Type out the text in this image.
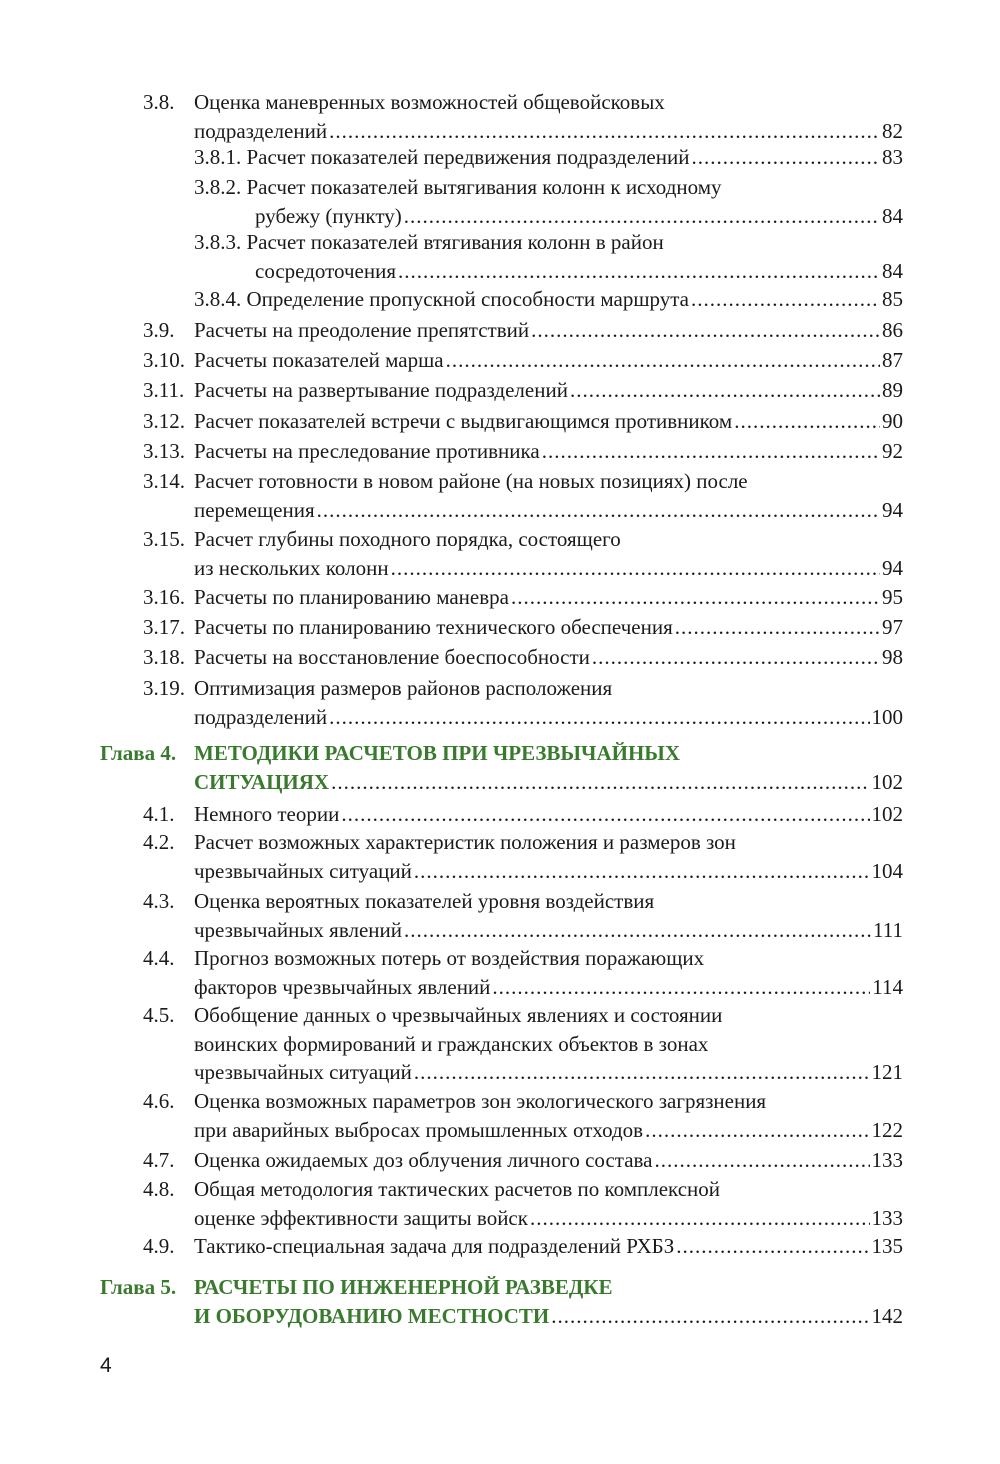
3.8. Оценка маневренных возможностей общевойсковых
подразделений .....	82
3.8.1. Расчет показателей передвижения подразделений .....	83
3.8.2. Расчет показателей вытягивания колонн к исходному
рубежу (пункту) .....	84
3.8.3. Расчет показателей втягивания колонн в район
сосредоточения .....	84
3.8.4. Определение пропускной способности маршрута .....	85
3.9. Расчеты на преодоление препятствий .....	86
3.10. Расчеты показателей марша .....	87
3.11. Расчеты на развертывание подразделений .....	89
3.12. Расчет показателей встречи с выдвигающимся противником .....	90
3.13. Расчеты на преследование противника .....	92
3.14. Расчет готовности в новом районе (на новых позициях) после
перемещения .....	94
3.15. Расчет глубины походного порядка, состоящего
из нескольких колонн .....	94
3.16. Расчеты по планированию маневра .....	95
3.17. Расчеты по планированию технического обеспечения .....	97
3.18. Расчеты на восстановление боеспособности .....	98
3.19. Оптимизация размеров районов расположения
подразделений .....	100
Глава 4. МЕТОДИКИ РАСЧЕТОВ ПРИ ЧРЕЗВЫЧАЙНЫХ
СИТУАЦИЯХ .....	102
4.1. Немного теории .....	102
4.2. Расчет возможных характеристик положения и размеров зон
чрезвычайных ситуаций .....	104
4.3. Оценка вероятных показателей уровня воздействия
чрезвычайных явлений .....	111
4.4. Прогноз возможных потерь от воздействия поражающих
факторов чрезвычайных явлений .....	114
4.5. Обобщение данных о чрезвычайных явлениях и состоянии
воинских формирований и гражданских объектов в зонах
чрезвычайных ситуаций .....	121
4.6. Оценка возможных параметров зон экологического загрязнения
при аварийных выбросах промышленных отходов .....	122
4.7. Оценка ожидаемых доз облучения личного состава .....	133
4.8. Общая методология тактических расчетов по комплексной
оценке эффективности защиты войск .....	133
4.9. Тактико-специальная задача для подразделений РХБЗ .....	135
Глава 5. РАСЧЕТЫ ПО ИНЖЕНЕРНОЙ РАЗВЕДКЕ
И ОБОРУДОВАНИЮ МЕСТНОСТИ .....	142
4
